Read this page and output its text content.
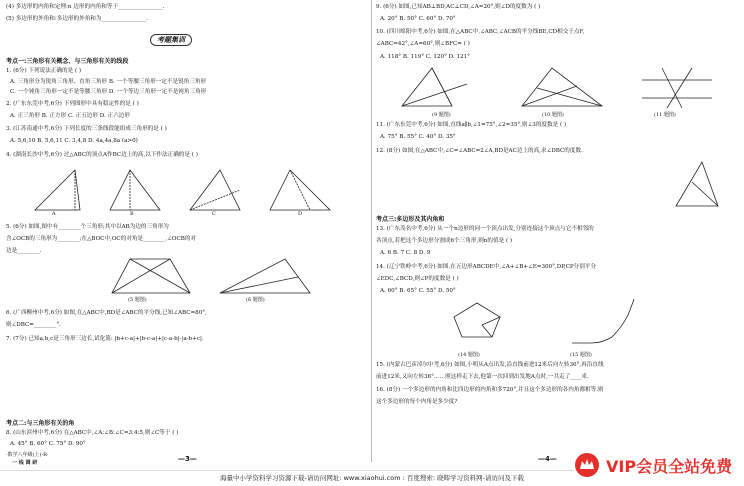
(4) 多边形的内角和定理:n 边形的内角和等于________________.
(5) 多边形的外角和:多边形的外角和为________________.
考题集训
考点一:三角形有关概念、与三角形有关的线段
1. (6分) 下列说法正确的是 ( )
A. 三角形分为锐角三角形、直角三角形 B. 一个等腰三角形一定不是锐角三角形
C. 一个钝角三角形一定不是等腰三角形 D. 一个等边三角形一定不是钝角三角形
2. (广东东莞中考,6分) 下列图形中具有稳定性的是 ( )
A. 正三角形 B. 正方形 C. 正五边形 D. 正六边形
3. (江苏南通中考,6分) 下列长度的三条线段能组成三角形的是 ( )
A. 5,6,10 B. 5,6,11 C. 3,4,8 D. 4a,4a,8a (a>0)
4. (湖南长沙中考,6分) 过△ABC的顶点A作BC边上的高,以下作法正确的是 ( )
A	B	C	D
5. (6分) 如图,图中有________个三角形;其中以AB为边的三角形为
含∠OCB的三角形为________;在△BOC中,OC的对角是________,∠OCB的对
边是________.
(5 题图)	(6 题图)
6. (广西柳州中考,6分) 如图,在△ABC中,BD是∠ABC的平分线,已知∠ABC=80°,
则∠DBC=________°.
7. (7分) 已知a,b,c是三角形三边长,试化简: |b+c-a|+|b-c-a|+|c-a-b|-|a-b+c|.
考点二:与三角形有关的角
8. (山东滨州中考,6分) 在△ABC中,∠A:∠B:∠C=3:4:5,则∠C等于 ( )
A. 45° B. 60° C. 75° D. 90°
·数学八年级(上)·R·
一 线 调 研	—3—
9. (6分) 如图,已知AB⊥BD,AC⊥CD,∠A=20°,则∠D的度数为 ( )
A. 20° B. 50° C. 60° D. 70°
10. (四川绵阳中考,6分) 如图,在△ABC中,∠ABC,∠ACB的平分线BE,CD相交于点F,
∠ABC=42°,∠A=60°,则∠BFC= ( )
A. 118° B. 119° C. 120° D. 121°
(9 题图)	(10 题图)	(11 题图)
11. (广东东莞中考,6分) 如图,直线a∥b,∠1=75°,∠2=35°,则∠3的度数是 ( )
A. 75° B. 55° C. 40° D. 35°
12. (8分) 如图,在△ABC中,∠C=∠ABC=2∠A,BD是AC边上的高,求∠DBC的度数.
考点三:多边形及其内角和
13. (广东茂名中考,6分) 从一个n边形的同一个顶点出发,分别连接这个顶点与它不相邻的
各顶点,若把这个多边形分割成6个三角形,则n的值是 ( )
A. 6 B. 7 C. 8 D. 9
14. (辽宁铁岭中考,6分) 如图,在五边形ABCDE中,∠A+∠B+∠E=300°,DP,CP分别平分
∠EDC,∠BCD,则∠P的度数是 ( )
A. 60° B. 65° C. 55° D. 50°
(14 题图)	(15 题图)
15. (内蒙古巴彦淖尔中考,6分) 如图,小明从A点出发,沿直线前进12米后向左转36°,再沿直线
前进12米,又向左转36°……照这样走下去,他第一次回到出发地A点时,一共走了____米.
16. (8分) 一个多边形的内角和比四边形的内角和多720°,并且这个多边形的各内角都相等.则
这个多边形的每个内角是多少度?
—4—
海量中小学资料学习资源下载-请访问网址: www.xiaohui.com : 百度搜索: 晓晖学习资料网-请访问及下载
VIP会员全站免费
